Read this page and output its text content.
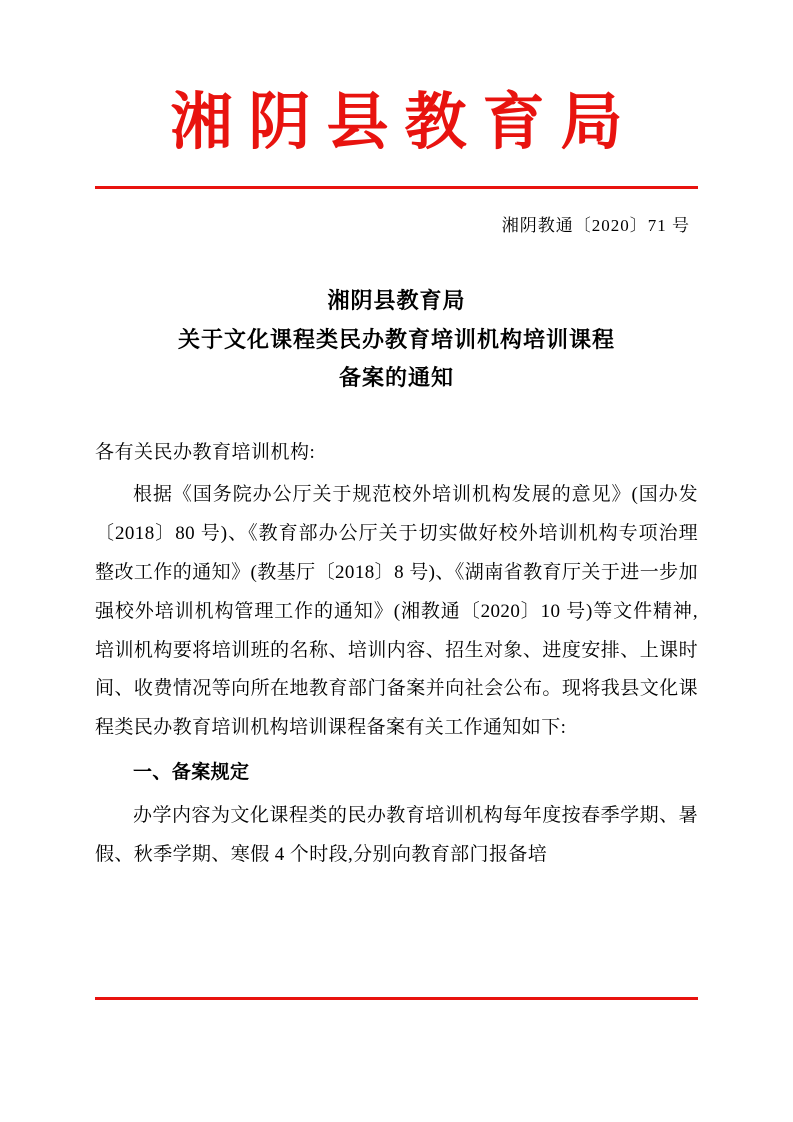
湘阴县教育局
湘阴教通〔2020〕71 号
湘阴县教育局
关于文化课程类民办教育培训机构培训课程
备案的通知
各有关民办教育培训机构:
根据《国务院办公厅关于规范校外培训机构发展的意见》(国办发〔2018〕80 号)、《教育部办公厅关于切实做好校外培训机构专项治理整改工作的通知》(教基厅〔2018〕8 号)、《湖南省教育厅关于进一步加强校外培训机构管理工作的通知》(湘教通〔2020〕10 号)等文件精神,培训机构要将培训班的名称、培训内容、招生对象、进度安排、上课时间、收费情况等向所在地教育部门备案并向社会公布。现将我县文化课程类民办教育培训机构培训课程备案有关工作通知如下:
一、备案规定
办学内容为文化课程类的民办教育培训机构每年度按春季学期、暑假、秋季学期、寒假 4 个时段,分别向教育部门报备培
